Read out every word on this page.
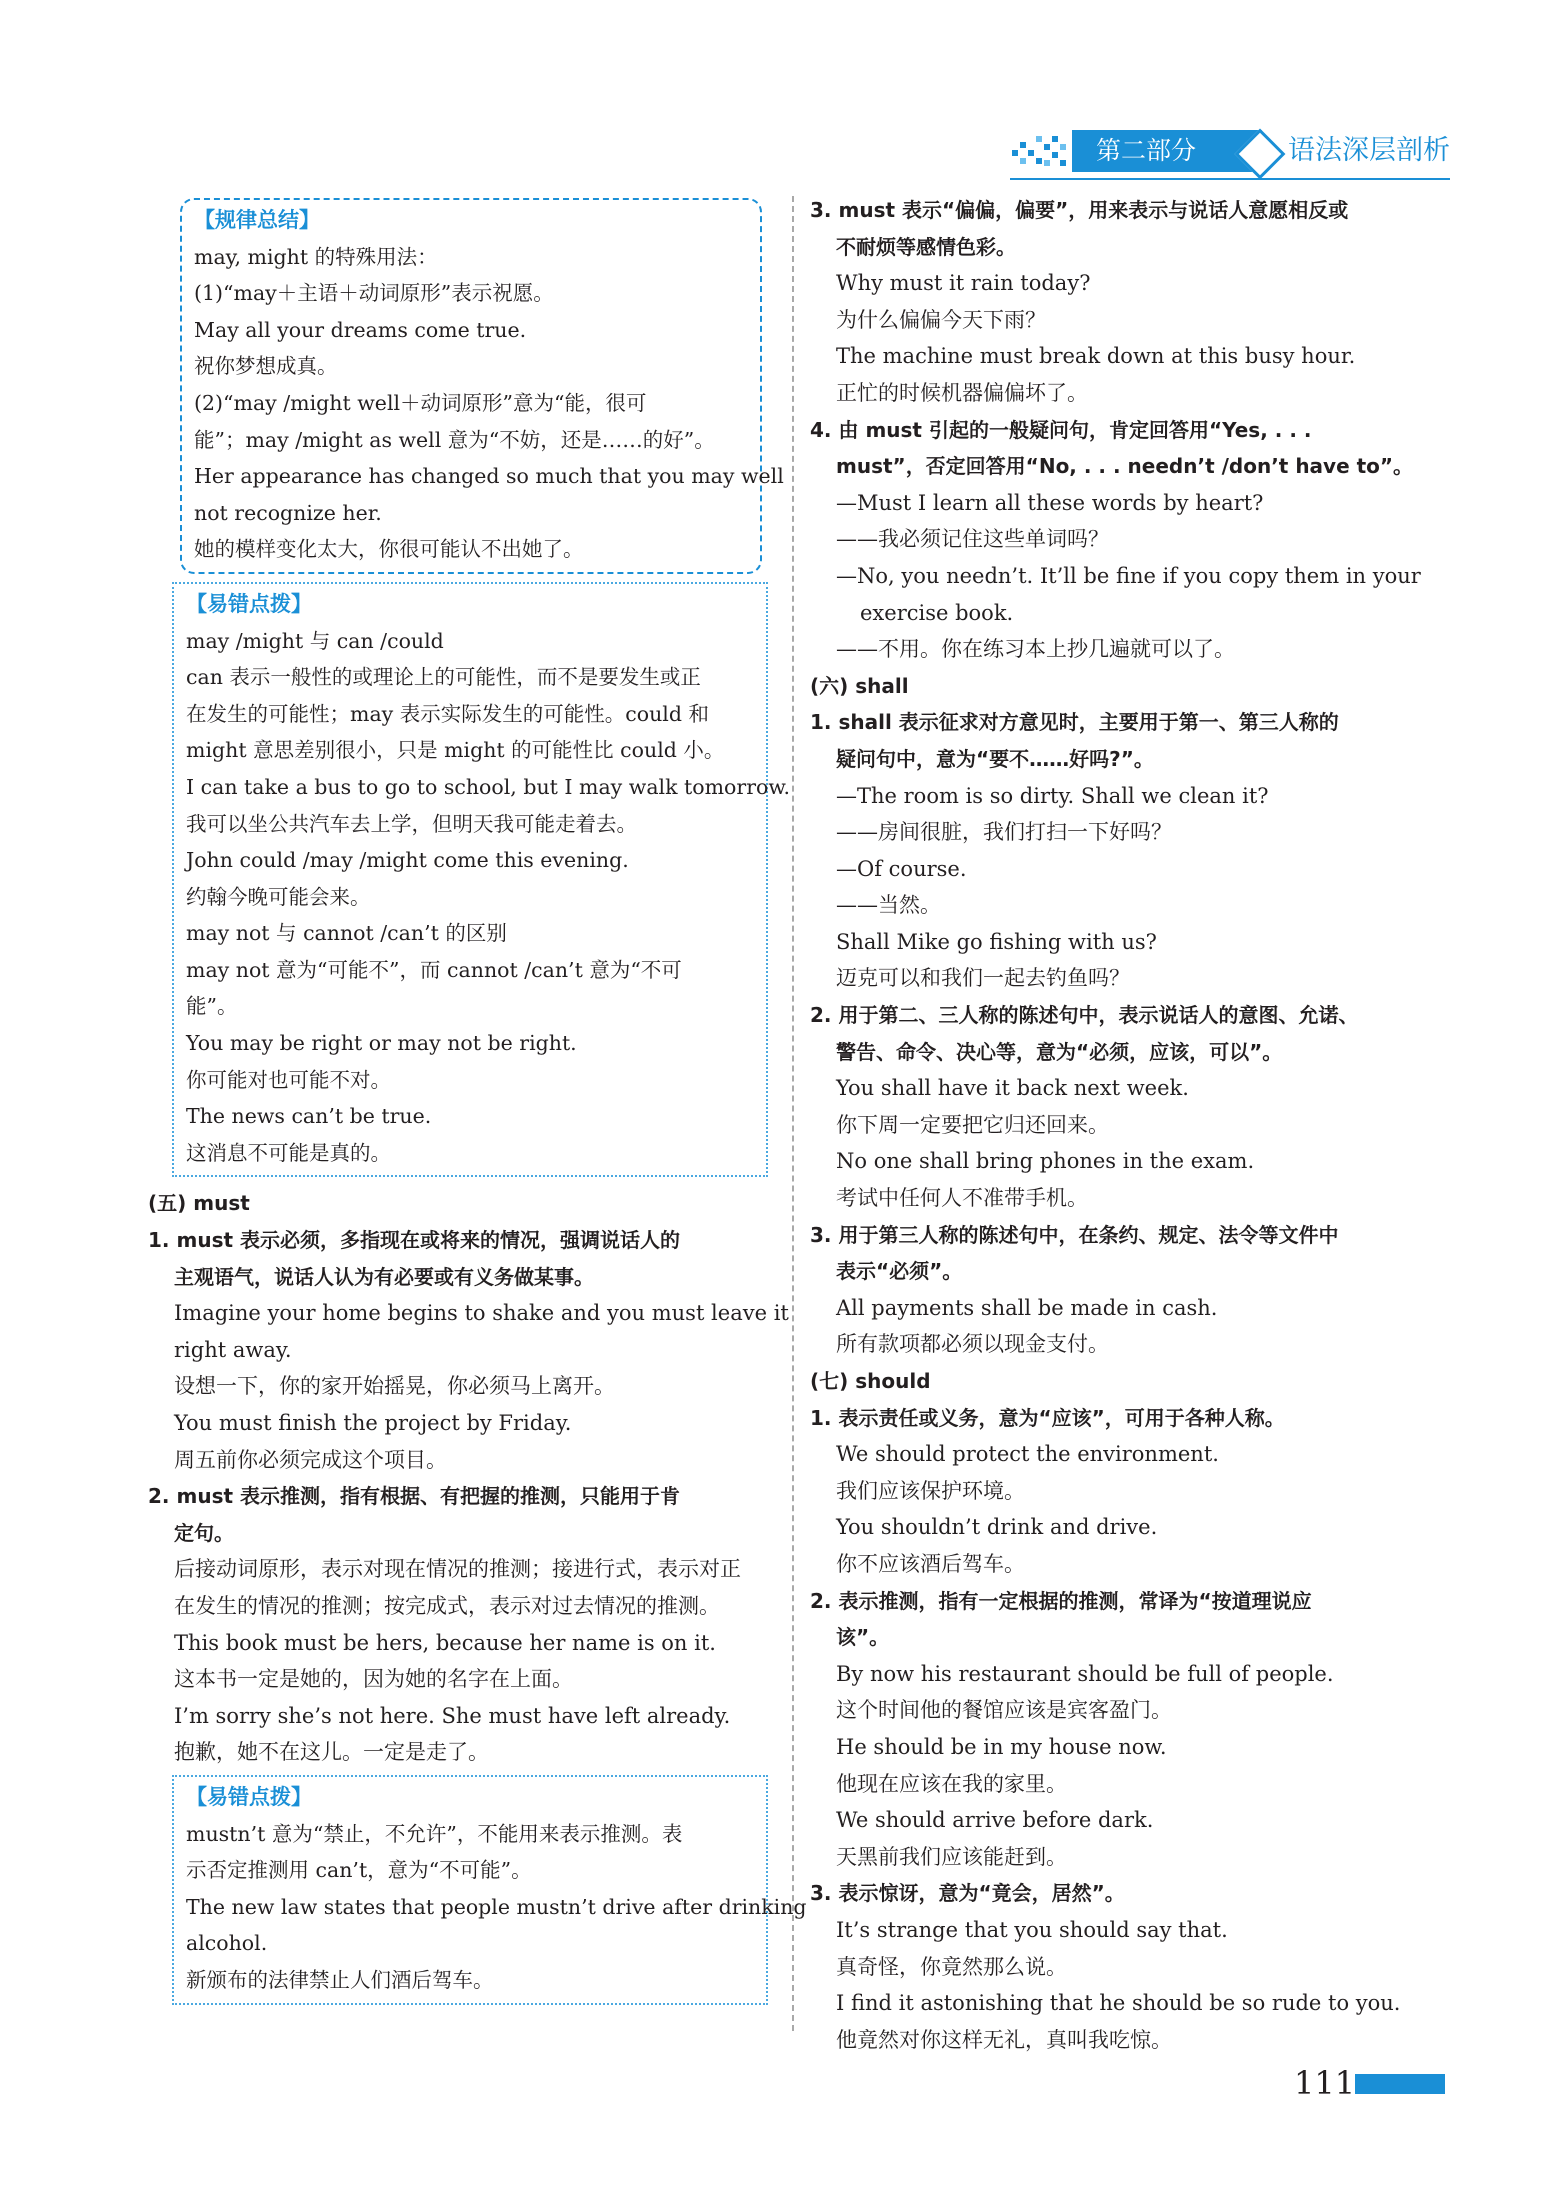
第二部分	语法深层剖析
【规律总结】
may, might 的特殊用法：
(1)“may＋主语＋动词原形”表示祝愿。
May all your dreams come true.
祝你梦想成真。
(2)“may /might well＋动词原形”意为“能，很可
能”；may /might as well 意为“不妨，还是……的好”。
Her appearance has changed so much that you may well
not recognize her.
她的模样变化太大，你很可能认不出她了。
【易错点拨】
may /might 与 can /could
can 表示一般性的或理论上的可能性，而不是要发生或正
在发生的可能性；may 表示实际发生的可能性。could 和
might 意思差别很小，只是 might 的可能性比 could 小。
I can take a bus to go to school, but I may walk tomorrow.
我可以坐公共汽车去上学，但明天我可能走着去。
John could /may /might come this evening.
约翰今晚可能会来。
may not 与 cannot /can’t 的区别
may not 意为“可能不”，而 cannot /can’t 意为“不可
能”。
You may be right or may not be right.
你可能对也可能不对。
The news can’t be true.
这消息不可能是真的。
(五) must
1. must 表示必须，多指现在或将来的情况，强调说话人的
主观语气，说话人认为有必要或有义务做某事。
Imagine your home begins to shake and you must leave it
right away.
设想一下，你的家开始摇晃，你必须马上离开。
You must finish the project by Friday.
周五前你必须完成这个项目。
2. must 表示推测，指有根据、有把握的推测，只能用于肯
定句。
后接动词原形，表示对现在情况的推测；接进行式，表示对正
在发生的情况的推测；按完成式，表示对过去情况的推测。
This book must be hers, because her name is on it.
这本书一定是她的，因为她的名字在上面。
I’m sorry she’s not here. She must have left already.
抱歉，她不在这儿。一定是走了。
【易错点拨】
mustn’t 意为“禁止，不允许”，不能用来表示推测。表
示否定推测用 can’t，意为“不可能”。
The new law states that people mustn’t drive after drinking
alcohol.
新颁布的法律禁止人们酒后驾车。
3. must 表示“偏偏，偏要”，用来表示与说话人意愿相反或
不耐烦等感情色彩。
Why must it rain today?
为什么偏偏今天下雨？
The machine must break down at this busy hour.
正忙的时候机器偏偏坏了。
4. 由 must 引起的一般疑问句，肯定回答用“Yes, . . .
must”，否定回答用“No, . . . needn’t /don’t have to”。
—Must I learn all these words by heart?
——我必须记住这些单词吗？
—No, you needn’t. It’ll be fine if you copy them in your
exercise book.
——不用。你在练习本上抄几遍就可以了。
(六) shall
1. shall 表示征求对方意见时，主要用于第一、第三人称的
疑问句中，意为“要不……好吗?”。
—The room is so dirty. Shall we clean it?
——房间很脏，我们打扫一下好吗？
—Of course.
——当然。
Shall Mike go fishing with us?
迈克可以和我们一起去钓鱼吗？
2. 用于第二、三人称的陈述句中，表示说话人的意图、允诺、
警告、命令、决心等，意为“必须，应该，可以”。
You shall have it back next week.
你下周一定要把它归还回来。
No one shall bring phones in the exam.
考试中任何人不准带手机。
3. 用于第三人称的陈述句中，在条约、规定、法令等文件中
表示“必须”。
All payments shall be made in cash.
所有款项都必须以现金支付。
(七) should
1. 表示责任或义务，意为“应该”，可用于各种人称。
We should protect the environment.
我们应该保护环境。
You shouldn’t drink and drive.
你不应该酒后驾车。
2. 表示推测，指有一定根据的推测，常译为“按道理说应
该”。
By now his restaurant should be full of people.
这个时间他的餐馆应该是宾客盈门。
He should be in my house now.
他现在应该在我的家里。
We should arrive before dark.
天黑前我们应该能赶到。
3. 表示惊讶，意为“竟会，居然”。
It’s strange that you should say that.
真奇怪，你竟然那么说。
I find it astonishing that he should be so rude to you.
他竟然对你这样无礼，真叫我吃惊。
111
